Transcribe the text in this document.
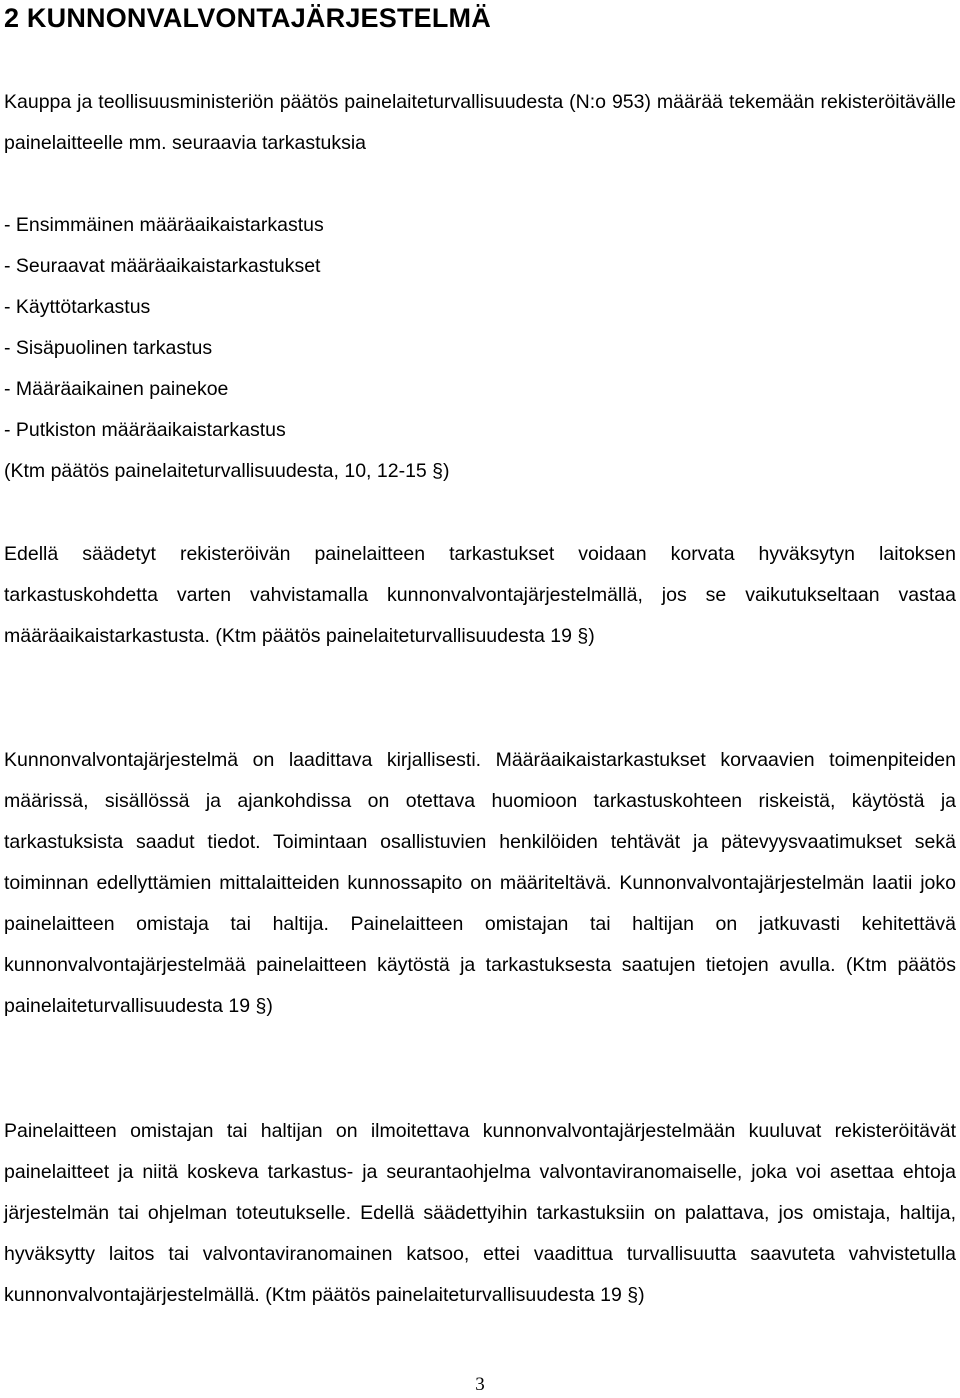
2 KUNNONVALVONTAJÄRJESTELMÄ

Kauppa ja teollisuusministeriön päätös painelaiteturvallisuudesta (N:o 953) määrää tekemään rekisteröitävälle painelaitteelle mm. seuraavia tarkastuksia

- Ensimmäinen määräaikaistarkastus
- Seuraavat määräaikaistarkastukset
- Käyttötarkastus
- Sisäpuolinen tarkastus
- Määräaikainen painekoe
- Putkiston määräaikaistarkastus
(Ktm päätös painelaiteturvallisuudesta, 10, 12-15 §)

Edellä säädetyt rekisteröivän painelaitteen tarkastukset voidaan korvata hyväksytyn laitoksen tarkastuskohdetta varten vahvistamalla kunnonvalvontajärjestelmällä, jos se vaikutukseltaan vastaa määräaikaistarkastusta. (Ktm päätös painelaiteturvallisuudesta 19 §)

Kunnonvalvontajärjestelmä on laadittava kirjallisesti. Määräaikaistarkastukset korvaavien toimenpiteiden määrissä, sisällössä ja ajankohdissa on otettava huomioon tarkastuskohteen riskeistä, käytöstä ja tarkastuksista saadut tiedot. Toimintaan osallistuvien henkilöiden tehtävät ja pätevyysvaatimukset sekä toiminnan edellyttämien mittalaitteiden kunnossapito on määriteltävä. Kunnonvalvontajärjestelmän laatii joko painelaitteen omistaja tai haltija. Painelaitteen omistajan tai haltijan on jatkuvasti kehitettävä kunnonvalvontajärjestelmää painelaitteen käytöstä ja tarkastuksesta saatujen tietojen avulla. (Ktm päätös painelaiteturvallisuudesta 19 §)

Painelaitteen omistajan tai haltijan on ilmoitettava kunnonvalvontajärjestelmään kuuluvat rekisteröitävät painelaitteet ja niitä koskeva tarkastus- ja seurantaohjelma valvontaviranomaiselle, joka voi asettaa ehtoja järjestelmän tai ohjelman toteutukselle. Edellä säädettyihin tarkastuksiin on palattava, jos omistaja, haltija, hyväksytty laitos tai valvontaviranomainen katsoo, ettei vaadittua turvallisuutta saavuteta vahvistetulla kunnonvalvontajärjestelmällä. (Ktm päätös painelaiteturvallisuudesta 19 §)

3
